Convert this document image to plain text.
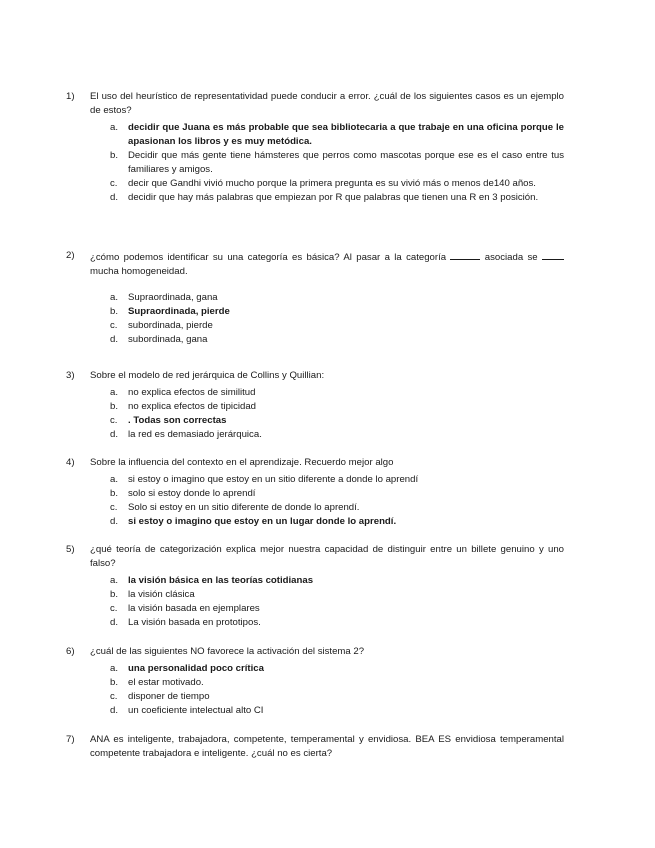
1)	El uso del heurístico de representatividad puede conducir a error. ¿cuál de los siguientes casos es un ejemplo de estos?
a. decidir que Juana es más probable que sea bibliotecaria a que trabaje en una oficina porque le apasionan los libros y es muy metódica.
b. Decidir que más gente tiene hámsteres que perros como mascotas porque ese es el caso entre tus familiares y amigos.
c. decir que Gandhi vivió mucho porque la primera pregunta es su vivió más o menos de140 años.
d. decidir que hay más palabras que empiezan por R que palabras que tienen una R en 3 posición.
2)	¿cómo podemos identificar su una categoría es básica? Al pasar a la categoría	asociada se  mucha homogeneidad.
a. Supraordinada, gana
b. Supraordinada, pierde
c. subordinada, pierde
d. subordinada, gana
3)	Sobre el modelo de red jerárquica de Collins y Quillian:
a. no explica efectos de similitud
b. no explica efectos de tipicidad
c. . Todas son correctas
d. la red es demasiado jerárquica.
4)	Sobre la influencia del contexto en el aprendizaje. Recuerdo mejor algo
a. si estoy o imagino que estoy en un sitio diferente a donde lo aprendí
b. solo si estoy donde lo aprendí
c. Solo si estoy en un sitio diferente de donde lo aprendí.
d. si estoy o imagino que estoy en un lugar donde lo aprendí.
5)	¿qué teoría de categorización explica mejor nuestra capacidad de distinguir entre un billete genuino y uno falso?
a. la visión básica en las teorías cotidianas
b. la visión clásica
c. la visión basada en ejemplares
d. La visión basada en prototipos.
6)	¿cuál de las siguientes NO favorece la activación del sistema 2?
a. una personalidad poco crítica
b. el estar motivado.
c. disponer de tiempo
d. un coeficiente intelectual alto CI
7)	ANA es inteligente, trabajadora, competente, temperamental y envidiosa. BEA ES envidiosa temperamental competente trabajadora e inteligente. ¿cuál no es cierta?
